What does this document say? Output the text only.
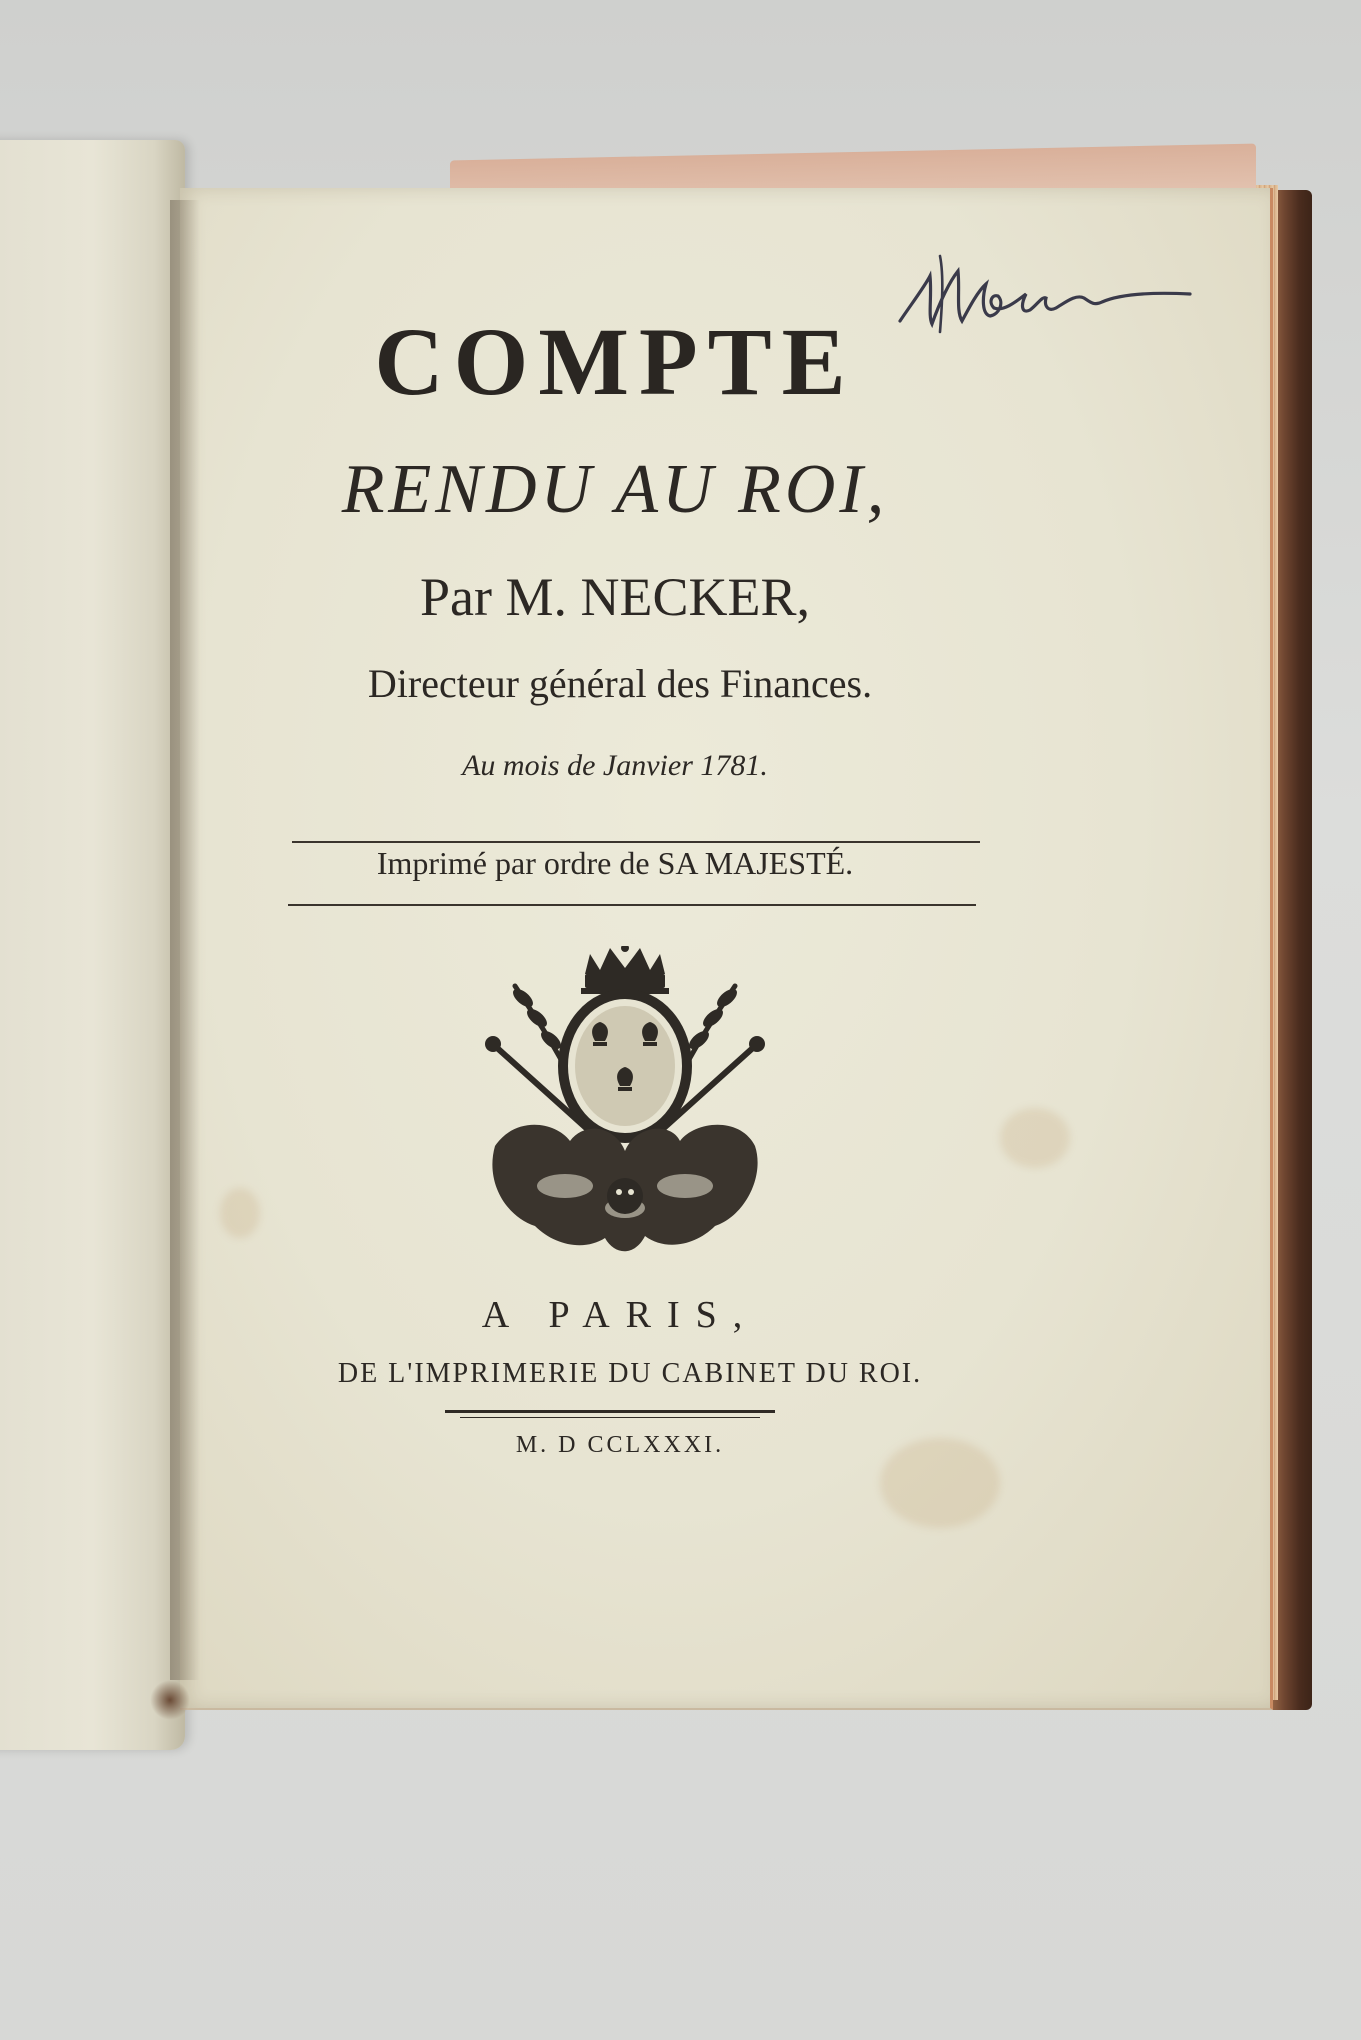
COMPTE
RENDU AU ROI,
Par M. NECKER,
Directeur général des Finances.
Au mois de Janvier 1781.
Imprimé par ordre de SA MAJESTÉ.
A PARIS,
DE L'IMPRIMERIE DU CABINET DU ROI.
M. D CCLXXXI.
